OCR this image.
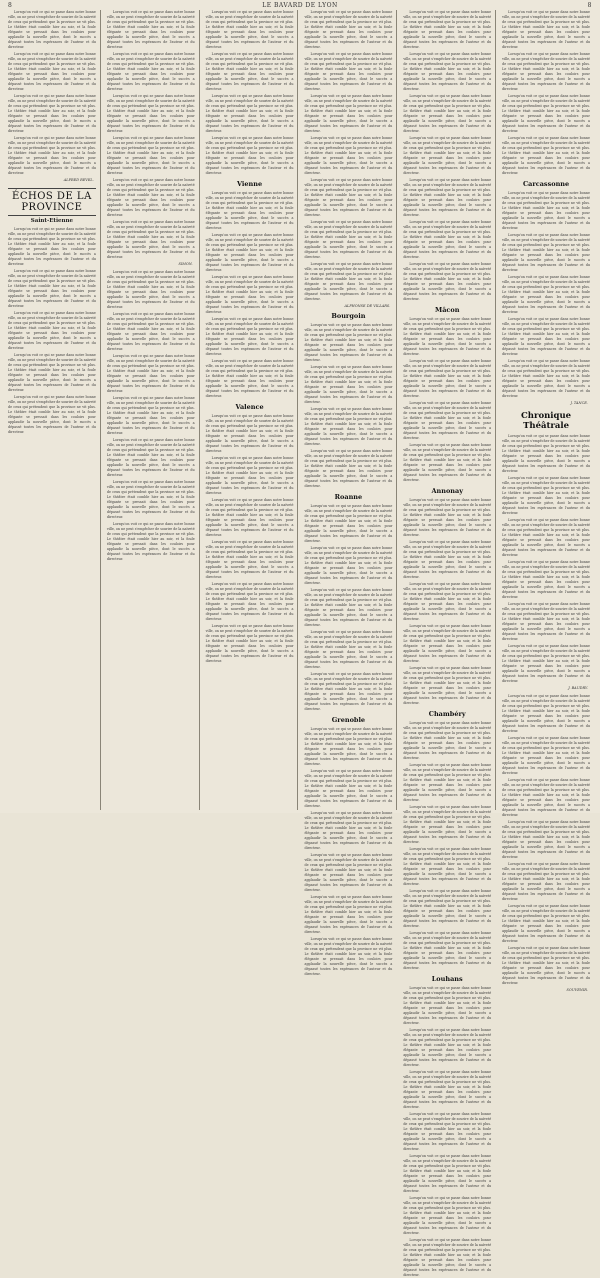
8	LE BAVARD DE LYON	8

Lorsqu'on voit ce qui se passe dans notre bonne ville, on ne peut s'empêcher de sourire de la naïveté de ceux qui prétendent que la province ne vit plus. Le théâtre était comble hier au soir, et la foule élégante se pressait dans les couloirs pour applaudir la nouvelle pièce, dont le succès a dépassé toutes les espérances de l'auteur et du directeur.

Lorsqu'on voit ce qui se passe dans notre bonne ville, on ne peut s'empêcher de sourire de la naïveté de ceux qui prétendent que la province ne vit plus. Le théâtre était comble hier au soir, et la foule élégante se pressait dans les couloirs pour applaudir la nouvelle pièce, dont le succès a dépassé toutes les espérances de l'auteur et du directeur.

Lorsqu'on voit ce qui se passe dans notre bonne ville, on ne peut s'empêcher de sourire de la naïveté de ceux qui prétendent que la province ne vit plus. Le théâtre était comble hier au soir, et la foule élégante se pressait dans les couloirs pour applaudir la nouvelle pièce, dont le succès a dépassé toutes les espérances de l'auteur et du directeur.

Lorsqu'on voit ce qui se passe dans notre bonne ville, on ne peut s'empêcher de sourire de la naïveté de ceux qui prétendent que la province ne vit plus. Le théâtre était comble hier au soir, et la foule élégante se pressait dans les couloirs pour applaudir la nouvelle pièce, dont le succès a dépassé toutes les espérances de l'auteur et du directeur.

ALFRED REVEL.
ÉCHOS DE LA PROVINCE
Saint-Etienne

Lorsqu'on voit ce qui se passe dans notre bonne ville, on ne peut s'empêcher de sourire de la naïveté de ceux qui prétendent que la province ne vit plus. Le théâtre était comble hier au soir, et la foule élégante se pressait dans les couloirs pour applaudir la nouvelle pièce, dont le succès a dépassé toutes les espérances de l'auteur et du directeur.

Lorsqu'on voit ce qui se passe dans notre bonne ville, on ne peut s'empêcher de sourire de la naïveté de ceux qui prétendent que la province ne vit plus. Le théâtre était comble hier au soir, et la foule élégante se pressait dans les couloirs pour applaudir la nouvelle pièce, dont le succès a dépassé toutes les espérances de l'auteur et du directeur.

Lorsqu'on voit ce qui se passe dans notre bonne ville, on ne peut s'empêcher de sourire de la naïveté de ceux qui prétendent que la province ne vit plus. Le théâtre était comble hier au soir, et la foule élégante se pressait dans les couloirs pour applaudir la nouvelle pièce, dont le succès a dépassé toutes les espérances de l'auteur et du directeur.

Lorsqu'on voit ce qui se passe dans notre bonne ville, on ne peut s'empêcher de sourire de la naïveté de ceux qui prétendent que la province ne vit plus. Le théâtre était comble hier au soir, et la foule élégante se pressait dans les couloirs pour applaudir la nouvelle pièce, dont le succès a dépassé toutes les espérances de l'auteur et du directeur.

Lorsqu'on voit ce qui se passe dans notre bonne ville, on ne peut s'empêcher de sourire de la naïveté de ceux qui prétendent que la province ne vit plus. Le théâtre était comble hier au soir, et la foule élégante se pressait dans les couloirs pour applaudir la nouvelle pièce, dont le succès a dépassé toutes les espérances de l'auteur et du directeur.

Lorsqu'on voit ce qui se passe dans notre bonne ville, on ne peut s'empêcher de sourire de la naïveté de ceux qui prétendent que la province ne vit plus. Le théâtre était comble hier au soir, et la foule élégante se pressait dans les couloirs pour applaudir la nouvelle pièce, dont le succès a dépassé toutes les espérances de l'auteur et du directeur.

Lorsqu'on voit ce qui se passe dans notre bonne ville, on ne peut s'empêcher de sourire de la naïveté de ceux qui prétendent que la province ne vit plus. Le théâtre était comble hier au soir, et la foule élégante se pressait dans les couloirs pour applaudir la nouvelle pièce, dont le succès a dépassé toutes les espérances de l'auteur et du directeur.

Lorsqu'on voit ce qui se passe dans notre bonne ville, on ne peut s'empêcher de sourire de la naïveté de ceux qui prétendent que la province ne vit plus. Le théâtre était comble hier au soir, et la foule élégante se pressait dans les couloirs pour applaudir la nouvelle pièce, dont le succès a dépassé toutes les espérances de l'auteur et du directeur.

Lorsqu'on voit ce qui se passe dans notre bonne ville, on ne peut s'empêcher de sourire de la naïveté de ceux qui prétendent que la province ne vit plus. Le théâtre était comble hier au soir, et la foule élégante se pressait dans les couloirs pour applaudir la nouvelle pièce, dont le succès a dépassé toutes les espérances de l'auteur et du directeur.

Lorsqu'on voit ce qui se passe dans notre bonne ville, on ne peut s'empêcher de sourire de la naïveté de ceux qui prétendent que la province ne vit plus. Le théâtre était comble hier au soir, et la foule élégante se pressait dans les couloirs pour applaudir la nouvelle pièce, dont le succès a dépassé toutes les espérances de l'auteur et du directeur.

Lorsqu'on voit ce qui se passe dans notre bonne ville, on ne peut s'empêcher de sourire de la naïveté de ceux qui prétendent que la province ne vit plus. Le théâtre était comble hier au soir, et la foule élégante se pressait dans les couloirs pour applaudir la nouvelle pièce, dont le succès a dépassé toutes les espérances de l'auteur et du directeur.

SIMON.

Lorsqu'on voit ce qui se passe dans notre bonne ville, on ne peut s'empêcher de sourire de la naïveté de ceux qui prétendent que la province ne vit plus. Le théâtre était comble hier au soir, et la foule élégante se pressait dans les couloirs pour applaudir la nouvelle pièce, dont le succès a dépassé toutes les espérances de l'auteur et du directeur.

Lorsqu'on voit ce qui se passe dans notre bonne ville, on ne peut s'empêcher de sourire de la naïveté de ceux qui prétendent que la province ne vit plus. Le théâtre était comble hier au soir, et la foule élégante se pressait dans les couloirs pour applaudir la nouvelle pièce, dont le succès a dépassé toutes les espérances de l'auteur et du directeur.

Lorsqu'on voit ce qui se passe dans notre bonne ville, on ne peut s'empêcher de sourire de la naïveté de ceux qui prétendent que la province ne vit plus. Le théâtre était comble hier au soir, et la foule élégante se pressait dans les couloirs pour applaudir la nouvelle pièce, dont le succès a dépassé toutes les espérances de l'auteur et du directeur.

Lorsqu'on voit ce qui se passe dans notre bonne ville, on ne peut s'empêcher de sourire de la naïveté de ceux qui prétendent que la province ne vit plus. Le théâtre était comble hier au soir, et la foule élégante se pressait dans les couloirs pour applaudir la nouvelle pièce, dont le succès a dépassé toutes les espérances de l'auteur et du directeur.

Lorsqu'on voit ce qui se passe dans notre bonne ville, on ne peut s'empêcher de sourire de la naïveté de ceux qui prétendent que la province ne vit plus. Le théâtre était comble hier au soir, et la foule élégante se pressait dans les couloirs pour applaudir la nouvelle pièce, dont le succès a dépassé toutes les espérances de l'auteur et du directeur.

Lorsqu'on voit ce qui se passe dans notre bonne ville, on ne peut s'empêcher de sourire de la naïveté de ceux qui prétendent que la province ne vit plus. Le théâtre était comble hier au soir, et la foule élégante se pressait dans les couloirs pour applaudir la nouvelle pièce, dont le succès a dépassé toutes les espérances de l'auteur et du directeur.

Lorsqu'on voit ce qui se passe dans notre bonne ville, on ne peut s'empêcher de sourire de la naïveté de ceux qui prétendent que la province ne vit plus. Le théâtre était comble hier au soir, et la foule élégante se pressait dans les couloirs pour applaudir la nouvelle pièce, dont le succès a dépassé toutes les espérances de l'auteur et du directeur.

Lorsqu'on voit ce qui se passe dans notre bonne ville, on ne peut s'empêcher de sourire de la naïveté de ceux qui prétendent que la province ne vit plus. Le théâtre était comble hier au soir, et la foule élégante se pressait dans les couloirs pour applaudir la nouvelle pièce, dont le succès a dépassé toutes les espérances de l'auteur et du directeur.

Lorsqu'on voit ce qui se passe dans notre bonne ville, on ne peut s'empêcher de sourire de la naïveté de ceux qui prétendent que la province ne vit plus. Le théâtre était comble hier au soir, et la foule élégante se pressait dans les couloirs pour applaudir la nouvelle pièce, dont le succès a dépassé toutes les espérances de l'auteur et du directeur.

Lorsqu'on voit ce qui se passe dans notre bonne ville, on ne peut s'empêcher de sourire de la naïveté de ceux qui prétendent que la province ne vit plus. Le théâtre était comble hier au soir, et la foule élégante se pressait dans les couloirs pour applaudir la nouvelle pièce, dont le succès a dépassé toutes les espérances de l'auteur et du directeur.

Lorsqu'on voit ce qui se passe dans notre bonne ville, on ne peut s'empêcher de sourire de la naïveté de ceux qui prétendent que la province ne vit plus. Le théâtre était comble hier au soir, et la foule élégante se pressait dans les couloirs pour applaudir la nouvelle pièce, dont le succès a dépassé toutes les espérances de l'auteur et du directeur.

Vienne

Lorsqu'on voit ce qui se passe dans notre bonne ville, on ne peut s'empêcher de sourire de la naïveté de ceux qui prétendent que la province ne vit plus. Le théâtre était comble hier au soir, et la foule élégante se pressait dans les couloirs pour applaudir la nouvelle pièce, dont le succès a dépassé toutes les espérances de l'auteur et du directeur.

Lorsqu'on voit ce qui se passe dans notre bonne ville, on ne peut s'empêcher de sourire de la naïveté de ceux qui prétendent que la province ne vit plus. Le théâtre était comble hier au soir, et la foule élégante se pressait dans les couloirs pour applaudir la nouvelle pièce, dont le succès a dépassé toutes les espérances de l'auteur et du directeur.

Lorsqu'on voit ce qui se passe dans notre bonne ville, on ne peut s'empêcher de sourire de la naïveté de ceux qui prétendent que la province ne vit plus. Le théâtre était comble hier au soir, et la foule élégante se pressait dans les couloirs pour applaudir la nouvelle pièce, dont le succès a dépassé toutes les espérances de l'auteur et du directeur.

Lorsqu'on voit ce qui se passe dans notre bonne ville, on ne peut s'empêcher de sourire de la naïveté de ceux qui prétendent que la province ne vit plus. Le théâtre était comble hier au soir, et la foule élégante se pressait dans les couloirs pour applaudir la nouvelle pièce, dont le succès a dépassé toutes les espérances de l'auteur et du directeur.

Lorsqu'on voit ce qui se passe dans notre bonne ville, on ne peut s'empêcher de sourire de la naïveté de ceux qui prétendent que la province ne vit plus. Le théâtre était comble hier au soir, et la foule élégante se pressait dans les couloirs pour applaudir la nouvelle pièce, dont le succès a dépassé toutes les espérances de l'auteur et du directeur.

Valence

Lorsqu'on voit ce qui se passe dans notre bonne ville, on ne peut s'empêcher de sourire de la naïveté de ceux qui prétendent que la province ne vit plus. Le théâtre était comble hier au soir, et la foule élégante se pressait dans les couloirs pour applaudir la nouvelle pièce, dont le succès a dépassé toutes les espérances de l'auteur et du directeur.

Lorsqu'on voit ce qui se passe dans notre bonne ville, on ne peut s'empêcher de sourire de la naïveté de ceux qui prétendent que la province ne vit plus. Le théâtre était comble hier au soir, et la foule élégante se pressait dans les couloirs pour applaudir la nouvelle pièce, dont le succès a dépassé toutes les espérances de l'auteur et du directeur.

Lorsqu'on voit ce qui se passe dans notre bonne ville, on ne peut s'empêcher de sourire de la naïveté de ceux qui prétendent que la province ne vit plus. Le théâtre était comble hier au soir, et la foule élégante se pressait dans les couloirs pour applaudir la nouvelle pièce, dont le succès a dépassé toutes les espérances de l'auteur et du directeur.

Lorsqu'on voit ce qui se passe dans notre bonne ville, on ne peut s'empêcher de sourire de la naïveté de ceux qui prétendent que la province ne vit plus. Le théâtre était comble hier au soir, et la foule élégante se pressait dans les couloirs pour applaudir la nouvelle pièce, dont le succès a dépassé toutes les espérances de l'auteur et du directeur.

Lorsqu'on voit ce qui se passe dans notre bonne ville, on ne peut s'empêcher de sourire de la naïveté de ceux qui prétendent que la province ne vit plus. Le théâtre était comble hier au soir, et la foule élégante se pressait dans les couloirs pour applaudir la nouvelle pièce, dont le succès a dépassé toutes les espérances de l'auteur et du directeur.

Lorsqu'on voit ce qui se passe dans notre bonne ville, on ne peut s'empêcher de sourire de la naïveté de ceux qui prétendent que la province ne vit plus. Le théâtre était comble hier au soir, et la foule élégante se pressait dans les couloirs pour applaudir la nouvelle pièce, dont le succès a dépassé toutes les espérances de l'auteur et du directeur.

Lorsqu'on voit ce qui se passe dans notre bonne ville, on ne peut s'empêcher de sourire de la naïveté de ceux qui prétendent que la province ne vit plus. Le théâtre était comble hier au soir, et la foule élégante se pressait dans les couloirs pour applaudir la nouvelle pièce, dont le succès a dépassé toutes les espérances de l'auteur et du directeur.

Lorsqu'on voit ce qui se passe dans notre bonne ville, on ne peut s'empêcher de sourire de la naïveté de ceux qui prétendent que la province ne vit plus. Le théâtre était comble hier au soir, et la foule élégante se pressait dans les couloirs pour applaudir la nouvelle pièce, dont le succès a dépassé toutes les espérances de l'auteur et du directeur.

Lorsqu'on voit ce qui se passe dans notre bonne ville, on ne peut s'empêcher de sourire de la naïveté de ceux qui prétendent que la province ne vit plus. Le théâtre était comble hier au soir, et la foule élégante se pressait dans les couloirs pour applaudir la nouvelle pièce, dont le succès a dépassé toutes les espérances de l'auteur et du directeur.

Lorsqu'on voit ce qui se passe dans notre bonne ville, on ne peut s'empêcher de sourire de la naïveté de ceux qui prétendent que la province ne vit plus. Le théâtre était comble hier au soir, et la foule élégante se pressait dans les couloirs pour applaudir la nouvelle pièce, dont le succès a dépassé toutes les espérances de l'auteur et du directeur.

Lorsqu'on voit ce qui se passe dans notre bonne ville, on ne peut s'empêcher de sourire de la naïveté de ceux qui prétendent que la province ne vit plus. Le théâtre était comble hier au soir, et la foule élégante se pressait dans les couloirs pour applaudir la nouvelle pièce, dont le succès a dépassé toutes les espérances de l'auteur et du directeur.

Lorsqu'on voit ce qui se passe dans notre bonne ville, on ne peut s'empêcher de sourire de la naïveté de ceux qui prétendent que la province ne vit plus. Le théâtre était comble hier au soir, et la foule élégante se pressait dans les couloirs pour applaudir la nouvelle pièce, dont le succès a dépassé toutes les espérances de l'auteur et du directeur.

Lorsqu'on voit ce qui se passe dans notre bonne ville, on ne peut s'empêcher de sourire de la naïveté de ceux qui prétendent que la province ne vit plus. Le théâtre était comble hier au soir, et la foule élégante se pressait dans les couloirs pour applaudir la nouvelle pièce, dont le succès a dépassé toutes les espérances de l'auteur et du directeur.

ALPHONSE DE VILLARS.
Bourgoin

Lorsqu'on voit ce qui se passe dans notre bonne ville, on ne peut s'empêcher de sourire de la naïveté de ceux qui prétendent que la province ne vit plus. Le théâtre était comble hier au soir, et la foule élégante se pressait dans les couloirs pour applaudir la nouvelle pièce, dont le succès a dépassé toutes les espérances de l'auteur et du directeur.

Lorsqu'on voit ce qui se passe dans notre bonne ville, on ne peut s'empêcher de sourire de la naïveté de ceux qui prétendent que la province ne vit plus. Le théâtre était comble hier au soir, et la foule élégante se pressait dans les couloirs pour applaudir la nouvelle pièce, dont le succès a dépassé toutes les espérances de l'auteur et du directeur.

Lorsqu'on voit ce qui se passe dans notre bonne ville, on ne peut s'empêcher de sourire de la naïveté de ceux qui prétendent que la province ne vit plus. Le théâtre était comble hier au soir, et la foule élégante se pressait dans les couloirs pour applaudir la nouvelle pièce, dont le succès a dépassé toutes les espérances de l'auteur et du directeur.

Lorsqu'on voit ce qui se passe dans notre bonne ville, on ne peut s'empêcher de sourire de la naïveté de ceux qui prétendent que la province ne vit plus. Le théâtre était comble hier au soir, et la foule élégante se pressait dans les couloirs pour applaudir la nouvelle pièce, dont le succès a dépassé toutes les espérances de l'auteur et du directeur.

Roanne

Lorsqu'on voit ce qui se passe dans notre bonne ville, on ne peut s'empêcher de sourire de la naïveté de ceux qui prétendent que la province ne vit plus. Le théâtre était comble hier au soir, et la foule élégante se pressait dans les couloirs pour applaudir la nouvelle pièce, dont le succès a dépassé toutes les espérances de l'auteur et du directeur.

Lorsqu'on voit ce qui se passe dans notre bonne ville, on ne peut s'empêcher de sourire de la naïveté de ceux qui prétendent que la province ne vit plus. Le théâtre était comble hier au soir, et la foule élégante se pressait dans les couloirs pour applaudir la nouvelle pièce, dont le succès a dépassé toutes les espérances de l'auteur et du directeur.

Lorsqu'on voit ce qui se passe dans notre bonne ville, on ne peut s'empêcher de sourire de la naïveté de ceux qui prétendent que la province ne vit plus. Le théâtre était comble hier au soir, et la foule élégante se pressait dans les couloirs pour applaudir la nouvelle pièce, dont le succès a dépassé toutes les espérances de l'auteur et du directeur.

Lorsqu'on voit ce qui se passe dans notre bonne ville, on ne peut s'empêcher de sourire de la naïveté de ceux qui prétendent que la province ne vit plus. Le théâtre était comble hier au soir, et la foule élégante se pressait dans les couloirs pour applaudir la nouvelle pièce, dont le succès a dépassé toutes les espérances de l'auteur et du directeur.

Lorsqu'on voit ce qui se passe dans notre bonne ville, on ne peut s'empêcher de sourire de la naïveté de ceux qui prétendent que la province ne vit plus. Le théâtre était comble hier au soir, et la foule élégante se pressait dans les couloirs pour applaudir la nouvelle pièce, dont le succès a dépassé toutes les espérances de l'auteur et du directeur.

Grenoble

Lorsqu'on voit ce qui se passe dans notre bonne ville, on ne peut s'empêcher de sourire de la naïveté de ceux qui prétendent que la province ne vit plus. Le théâtre était comble hier au soir, et la foule élégante se pressait dans les couloirs pour applaudir la nouvelle pièce, dont le succès a dépassé toutes les espérances de l'auteur et du directeur.

Lorsqu'on voit ce qui se passe dans notre bonne ville, on ne peut s'empêcher de sourire de la naïveté de ceux qui prétendent que la province ne vit plus. Le théâtre était comble hier au soir, et la foule élégante se pressait dans les couloirs pour applaudir la nouvelle pièce, dont le succès a dépassé toutes les espérances de l'auteur et du directeur.

Lorsqu'on voit ce qui se passe dans notre bonne ville, on ne peut s'empêcher de sourire de la naïveté de ceux qui prétendent que la province ne vit plus. Le théâtre était comble hier au soir, et la foule élégante se pressait dans les couloirs pour applaudir la nouvelle pièce, dont le succès a dépassé toutes les espérances de l'auteur et du directeur.

Lorsqu'on voit ce qui se passe dans notre bonne ville, on ne peut s'empêcher de sourire de la naïveté de ceux qui prétendent que la province ne vit plus. Le théâtre était comble hier au soir, et la foule élégante se pressait dans les couloirs pour applaudir la nouvelle pièce, dont le succès a dépassé toutes les espérances de l'auteur et du directeur.

Lorsqu'on voit ce qui se passe dans notre bonne ville, on ne peut s'empêcher de sourire de la naïveté de ceux qui prétendent que la province ne vit plus. Le théâtre était comble hier au soir, et la foule élégante se pressait dans les couloirs pour applaudir la nouvelle pièce, dont le succès a dépassé toutes les espérances de l'auteur et du directeur.

Lorsqu'on voit ce qui se passe dans notre bonne ville, on ne peut s'empêcher de sourire de la naïveté de ceux qui prétendent que la province ne vit plus. Le théâtre était comble hier au soir, et la foule élégante se pressait dans les couloirs pour applaudir la nouvelle pièce, dont le succès a dépassé toutes les espérances de l'auteur et du directeur.

Lorsqu'on voit ce qui se passe dans notre bonne ville, on ne peut s'empêcher de sourire de la naïveté de ceux qui prétendent que la province ne vit plus. Le théâtre était comble hier au soir, et la foule élégante se pressait dans les couloirs pour applaudir la nouvelle pièce, dont le succès a dépassé toutes les espérances de l'auteur et du directeur.

Lorsqu'on voit ce qui se passe dans notre bonne ville, on ne peut s'empêcher de sourire de la naïveté de ceux qui prétendent que la province ne vit plus. Le théâtre était comble hier au soir, et la foule élégante se pressait dans les couloirs pour applaudir la nouvelle pièce, dont le succès a dépassé toutes les espérances de l'auteur et du directeur.

Lorsqu'on voit ce qui se passe dans notre bonne ville, on ne peut s'empêcher de sourire de la naïveté de ceux qui prétendent que la province ne vit plus. Le théâtre était comble hier au soir, et la foule élégante se pressait dans les couloirs pour applaudir la nouvelle pièce, dont le succès a dépassé toutes les espérances de l'auteur et du directeur.

Lorsqu'on voit ce qui se passe dans notre bonne ville, on ne peut s'empêcher de sourire de la naïveté de ceux qui prétendent que la province ne vit plus. Le théâtre était comble hier au soir, et la foule élégante se pressait dans les couloirs pour applaudir la nouvelle pièce, dont le succès a dépassé toutes les espérances de l'auteur et du directeur.

Lorsqu'on voit ce qui se passe dans notre bonne ville, on ne peut s'empêcher de sourire de la naïveté de ceux qui prétendent que la province ne vit plus. Le théâtre était comble hier au soir, et la foule élégante se pressait dans les couloirs pour applaudir la nouvelle pièce, dont le succès a dépassé toutes les espérances de l'auteur et du directeur.

Lorsqu'on voit ce qui se passe dans notre bonne ville, on ne peut s'empêcher de sourire de la naïveté de ceux qui prétendent que la province ne vit plus. Le théâtre était comble hier au soir, et la foule élégante se pressait dans les couloirs pour applaudir la nouvelle pièce, dont le succès a dépassé toutes les espérances de l'auteur et du directeur.

Lorsqu'on voit ce qui se passe dans notre bonne ville, on ne peut s'empêcher de sourire de la naïveté de ceux qui prétendent que la province ne vit plus. Le théâtre était comble hier au soir, et la foule élégante se pressait dans les couloirs pour applaudir la nouvelle pièce, dont le succès a dépassé toutes les espérances de l'auteur et du directeur.

Mâcon

Lorsqu'on voit ce qui se passe dans notre bonne ville, on ne peut s'empêcher de sourire de la naïveté de ceux qui prétendent que la province ne vit plus. Le théâtre était comble hier au soir, et la foule élégante se pressait dans les couloirs pour applaudir la nouvelle pièce, dont le succès a dépassé toutes les espérances de l'auteur et du directeur.

Lorsqu'on voit ce qui se passe dans notre bonne ville, on ne peut s'empêcher de sourire de la naïveté de ceux qui prétendent que la province ne vit plus. Le théâtre était comble hier au soir, et la foule élégante se pressait dans les couloirs pour applaudir la nouvelle pièce, dont le succès a dépassé toutes les espérances de l'auteur et du directeur.

Lorsqu'on voit ce qui se passe dans notre bonne ville, on ne peut s'empêcher de sourire de la naïveté de ceux qui prétendent que la province ne vit plus. Le théâtre était comble hier au soir, et la foule élégante se pressait dans les couloirs pour applaudir la nouvelle pièce, dont le succès a dépassé toutes les espérances de l'auteur et du directeur.

Lorsqu'on voit ce qui se passe dans notre bonne ville, on ne peut s'empêcher de sourire de la naïveté de ceux qui prétendent que la province ne vit plus. Le théâtre était comble hier au soir, et la foule élégante se pressait dans les couloirs pour applaudir la nouvelle pièce, dont le succès a dépassé toutes les espérances de l'auteur et du directeur.

Annonay

Lorsqu'on voit ce qui se passe dans notre bonne ville, on ne peut s'empêcher de sourire de la naïveté de ceux qui prétendent que la province ne vit plus. Le théâtre était comble hier au soir, et la foule élégante se pressait dans les couloirs pour applaudir la nouvelle pièce, dont le succès a dépassé toutes les espérances de l'auteur et du directeur.

Lorsqu'on voit ce qui se passe dans notre bonne ville, on ne peut s'empêcher de sourire de la naïveté de ceux qui prétendent que la province ne vit plus. Le théâtre était comble hier au soir, et la foule élégante se pressait dans les couloirs pour applaudir la nouvelle pièce, dont le succès a dépassé toutes les espérances de l'auteur et du directeur.

Lorsqu'on voit ce qui se passe dans notre bonne ville, on ne peut s'empêcher de sourire de la naïveté de ceux qui prétendent que la province ne vit plus. Le théâtre était comble hier au soir, et la foule élégante se pressait dans les couloirs pour applaudir la nouvelle pièce, dont le succès a dépassé toutes les espérances de l'auteur et du directeur.

Lorsqu'on voit ce qui se passe dans notre bonne ville, on ne peut s'empêcher de sourire de la naïveté de ceux qui prétendent que la province ne vit plus. Le théâtre était comble hier au soir, et la foule élégante se pressait dans les couloirs pour applaudir la nouvelle pièce, dont le succès a dépassé toutes les espérances de l'auteur et du directeur.

Lorsqu'on voit ce qui se passe dans notre bonne ville, on ne peut s'empêcher de sourire de la naïveté de ceux qui prétendent que la province ne vit plus. Le théâtre était comble hier au soir, et la foule élégante se pressait dans les couloirs pour applaudir la nouvelle pièce, dont le succès a dépassé toutes les espérances de l'auteur et du directeur.

Chambéry

Lorsqu'on voit ce qui se passe dans notre bonne ville, on ne peut s'empêcher de sourire de la naïveté de ceux qui prétendent que la province ne vit plus. Le théâtre était comble hier au soir, et la foule élégante se pressait dans les couloirs pour applaudir la nouvelle pièce, dont le succès a dépassé toutes les espérances de l'auteur et du directeur.

Lorsqu'on voit ce qui se passe dans notre bonne ville, on ne peut s'empêcher de sourire de la naïveté de ceux qui prétendent que la province ne vit plus. Le théâtre était comble hier au soir, et la foule élégante se pressait dans les couloirs pour applaudir la nouvelle pièce, dont le succès a dépassé toutes les espérances de l'auteur et du directeur.

Lorsqu'on voit ce qui se passe dans notre bonne ville, on ne peut s'empêcher de sourire de la naïveté de ceux qui prétendent que la province ne vit plus. Le théâtre était comble hier au soir, et la foule élégante se pressait dans les couloirs pour applaudir la nouvelle pièce, dont le succès a dépassé toutes les espérances de l'auteur et du directeur.

Lorsqu'on voit ce qui se passe dans notre bonne ville, on ne peut s'empêcher de sourire de la naïveté de ceux qui prétendent que la province ne vit plus. Le théâtre était comble hier au soir, et la foule élégante se pressait dans les couloirs pour applaudir la nouvelle pièce, dont le succès a dépassé toutes les espérances de l'auteur et du directeur.

Lorsqu'on voit ce qui se passe dans notre bonne ville, on ne peut s'empêcher de sourire de la naïveté de ceux qui prétendent que la province ne vit plus. Le théâtre était comble hier au soir, et la foule élégante se pressait dans les couloirs pour applaudir la nouvelle pièce, dont le succès a dépassé toutes les espérances de l'auteur et du directeur.

Lorsqu'on voit ce qui se passe dans notre bonne ville, on ne peut s'empêcher de sourire de la naïveté de ceux qui prétendent que la province ne vit plus. Le théâtre était comble hier au soir, et la foule élégante se pressait dans les couloirs pour applaudir la nouvelle pièce, dont le succès a dépassé toutes les espérances de l'auteur et du directeur.

Louhans

Lorsqu'on voit ce qui se passe dans notre bonne ville, on ne peut s'empêcher de sourire de la naïveté de ceux qui prétendent que la province ne vit plus. Le théâtre était comble hier au soir, et la foule élégante se pressait dans les couloirs pour applaudir la nouvelle pièce, dont le succès a dépassé toutes les espérances de l'auteur et du directeur.

Lorsqu'on voit ce qui se passe dans notre bonne ville, on ne peut s'empêcher de sourire de la naïveté de ceux qui prétendent que la province ne vit plus. Le théâtre était comble hier au soir, et la foule élégante se pressait dans les couloirs pour applaudir la nouvelle pièce, dont le succès a dépassé toutes les espérances de l'auteur et du directeur.

Lorsqu'on voit ce qui se passe dans notre bonne ville, on ne peut s'empêcher de sourire de la naïveté de ceux qui prétendent que la province ne vit plus. Le théâtre était comble hier au soir, et la foule élégante se pressait dans les couloirs pour applaudir la nouvelle pièce, dont le succès a dépassé toutes les espérances de l'auteur et du directeur.

Lorsqu'on voit ce qui se passe dans notre bonne ville, on ne peut s'empêcher de sourire de la naïveté de ceux qui prétendent que la province ne vit plus. Le théâtre était comble hier au soir, et la foule élégante se pressait dans les couloirs pour applaudir la nouvelle pièce, dont le succès a dépassé toutes les espérances de l'auteur et du directeur.

Lorsqu'on voit ce qui se passe dans notre bonne ville, on ne peut s'empêcher de sourire de la naïveté de ceux qui prétendent que la province ne vit plus. Le théâtre était comble hier au soir, et la foule élégante se pressait dans les couloirs pour applaudir la nouvelle pièce, dont le succès a dépassé toutes les espérances de l'auteur et du directeur.

Lorsqu'on voit ce qui se passe dans notre bonne ville, on ne peut s'empêcher de sourire de la naïveté de ceux qui prétendent que la province ne vit plus. Le théâtre était comble hier au soir, et la foule élégante se pressait dans les couloirs pour applaudir la nouvelle pièce, dont le succès a dépassé toutes les espérances de l'auteur et du directeur.

Lorsqu'on voit ce qui se passe dans notre bonne ville, on ne peut s'empêcher de sourire de la naïveté de ceux qui prétendent que la province ne vit plus. Le théâtre était comble hier au soir, et la foule élégante se pressait dans les couloirs pour applaudir la nouvelle pièce, dont le succès a dépassé toutes les espérances de l'auteur et du directeur.

Lorsqu'on voit ce qui se passe dans notre bonne ville, on ne peut s'empêcher de sourire de la naïveté de ceux qui prétendent que la province ne vit plus. Le théâtre était comble hier au soir, et la foule élégante se pressait dans les couloirs pour applaudir la nouvelle pièce, dont le succès a dépassé toutes les espérances de l'auteur et du directeur.

Lorsqu'on voit ce qui se passe dans notre bonne ville, on ne peut s'empêcher de sourire de la naïveté de ceux qui prétendent que la province ne vit plus. Le théâtre était comble hier au soir, et la foule élégante se pressait dans les couloirs pour applaudir la nouvelle pièce, dont le succès a dépassé toutes les espérances de l'auteur et du directeur.

Lorsqu'on voit ce qui se passe dans notre bonne ville, on ne peut s'empêcher de sourire de la naïveté de ceux qui prétendent que la province ne vit plus. Le théâtre était comble hier au soir, et la foule élégante se pressait dans les couloirs pour applaudir la nouvelle pièce, dont le succès a dépassé toutes les espérances de l'auteur et du directeur.

Lorsqu'on voit ce qui se passe dans notre bonne ville, on ne peut s'empêcher de sourire de la naïveté de ceux qui prétendent que la province ne vit plus. Le théâtre était comble hier au soir, et la foule élégante se pressait dans les couloirs pour applaudir la nouvelle pièce, dont le succès a dépassé toutes les espérances de l'auteur et du directeur.

Carcassonne

Lorsqu'on voit ce qui se passe dans notre bonne ville, on ne peut s'empêcher de sourire de la naïveté de ceux qui prétendent que la province ne vit plus. Le théâtre était comble hier au soir, et la foule élégante se pressait dans les couloirs pour applaudir la nouvelle pièce, dont le succès a dépassé toutes les espérances de l'auteur et du directeur.

Lorsqu'on voit ce qui se passe dans notre bonne ville, on ne peut s'empêcher de sourire de la naïveté de ceux qui prétendent que la province ne vit plus. Le théâtre était comble hier au soir, et la foule élégante se pressait dans les couloirs pour applaudir la nouvelle pièce, dont le succès a dépassé toutes les espérances de l'auteur et du directeur.

Lorsqu'on voit ce qui se passe dans notre bonne ville, on ne peut s'empêcher de sourire de la naïveté de ceux qui prétendent que la province ne vit plus. Le théâtre était comble hier au soir, et la foule élégante se pressait dans les couloirs pour applaudir la nouvelle pièce, dont le succès a dépassé toutes les espérances de l'auteur et du directeur.

Lorsqu'on voit ce qui se passe dans notre bonne ville, on ne peut s'empêcher de sourire de la naïveté de ceux qui prétendent que la province ne vit plus. Le théâtre était comble hier au soir, et la foule élégante se pressait dans les couloirs pour applaudir la nouvelle pièce, dont le succès a dépassé toutes les espérances de l'auteur et du directeur.

Lorsqu'on voit ce qui se passe dans notre bonne ville, on ne peut s'empêcher de sourire de la naïveté de ceux qui prétendent que la province ne vit plus. Le théâtre était comble hier au soir, et la foule élégante se pressait dans les couloirs pour applaudir la nouvelle pièce, dont le succès a dépassé toutes les espérances de l'auteur et du directeur.

J. TANCE.
Chronique Théâtrale

Lorsqu'on voit ce qui se passe dans notre bonne ville, on ne peut s'empêcher de sourire de la naïveté de ceux qui prétendent que la province ne vit plus. Le théâtre était comble hier au soir, et la foule élégante se pressait dans les couloirs pour applaudir la nouvelle pièce, dont le succès a dépassé toutes les espérances de l'auteur et du directeur.

Lorsqu'on voit ce qui se passe dans notre bonne ville, on ne peut s'empêcher de sourire de la naïveté de ceux qui prétendent que la province ne vit plus. Le théâtre était comble hier au soir, et la foule élégante se pressait dans les couloirs pour applaudir la nouvelle pièce, dont le succès a dépassé toutes les espérances de l'auteur et du directeur.

Lorsqu'on voit ce qui se passe dans notre bonne ville, on ne peut s'empêcher de sourire de la naïveté de ceux qui prétendent que la province ne vit plus. Le théâtre était comble hier au soir, et la foule élégante se pressait dans les couloirs pour applaudir la nouvelle pièce, dont le succès a dépassé toutes les espérances de l'auteur et du directeur.

Lorsqu'on voit ce qui se passe dans notre bonne ville, on ne peut s'empêcher de sourire de la naïveté de ceux qui prétendent que la province ne vit plus. Le théâtre était comble hier au soir, et la foule élégante se pressait dans les couloirs pour applaudir la nouvelle pièce, dont le succès a dépassé toutes les espérances de l'auteur et du directeur.

Lorsqu'on voit ce qui se passe dans notre bonne ville, on ne peut s'empêcher de sourire de la naïveté de ceux qui prétendent que la province ne vit plus. Le théâtre était comble hier au soir, et la foule élégante se pressait dans les couloirs pour applaudir la nouvelle pièce, dont le succès a dépassé toutes les espérances de l'auteur et du directeur.

Lorsqu'on voit ce qui se passe dans notre bonne ville, on ne peut s'empêcher de sourire de la naïveté de ceux qui prétendent que la province ne vit plus. Le théâtre était comble hier au soir, et la foule élégante se pressait dans les couloirs pour applaudir la nouvelle pièce, dont le succès a dépassé toutes les espérances de l'auteur et du directeur.

J. BAUDRY.

Lorsqu'on voit ce qui se passe dans notre bonne ville, on ne peut s'empêcher de sourire de la naïveté de ceux qui prétendent que la province ne vit plus. Le théâtre était comble hier au soir, et la foule élégante se pressait dans les couloirs pour applaudir la nouvelle pièce, dont le succès a dépassé toutes les espérances de l'auteur et du directeur.

Lorsqu'on voit ce qui se passe dans notre bonne ville, on ne peut s'empêcher de sourire de la naïveté de ceux qui prétendent que la province ne vit plus. Le théâtre était comble hier au soir, et la foule élégante se pressait dans les couloirs pour applaudir la nouvelle pièce, dont le succès a dépassé toutes les espérances de l'auteur et du directeur.

Lorsqu'on voit ce qui se passe dans notre bonne ville, on ne peut s'empêcher de sourire de la naïveté de ceux qui prétendent que la province ne vit plus. Le théâtre était comble hier au soir, et la foule élégante se pressait dans les couloirs pour applaudir la nouvelle pièce, dont le succès a dépassé toutes les espérances de l'auteur et du directeur.

Lorsqu'on voit ce qui se passe dans notre bonne ville, on ne peut s'empêcher de sourire de la naïveté de ceux qui prétendent que la province ne vit plus. Le théâtre était comble hier au soir, et la foule élégante se pressait dans les couloirs pour applaudir la nouvelle pièce, dont le succès a dépassé toutes les espérances de l'auteur et du directeur.

Lorsqu'on voit ce qui se passe dans notre bonne ville, on ne peut s'empêcher de sourire de la naïveté de ceux qui prétendent que la province ne vit plus. Le théâtre était comble hier au soir, et la foule élégante se pressait dans les couloirs pour applaudir la nouvelle pièce, dont le succès a dépassé toutes les espérances de l'auteur et du directeur.

Lorsqu'on voit ce qui se passe dans notre bonne ville, on ne peut s'empêcher de sourire de la naïveté de ceux qui prétendent que la province ne vit plus. Le théâtre était comble hier au soir, et la foule élégante se pressait dans les couloirs pour applaudir la nouvelle pièce, dont le succès a dépassé toutes les espérances de l'auteur et du directeur.

Lorsqu'on voit ce qui se passe dans notre bonne ville, on ne peut s'empêcher de sourire de la naïveté de ceux qui prétendent que la province ne vit plus. Le théâtre était comble hier au soir, et la foule élégante se pressait dans les couloirs pour applaudir la nouvelle pièce, dont le succès a dépassé toutes les espérances de l'auteur et du directeur.

SOUVENIR.
